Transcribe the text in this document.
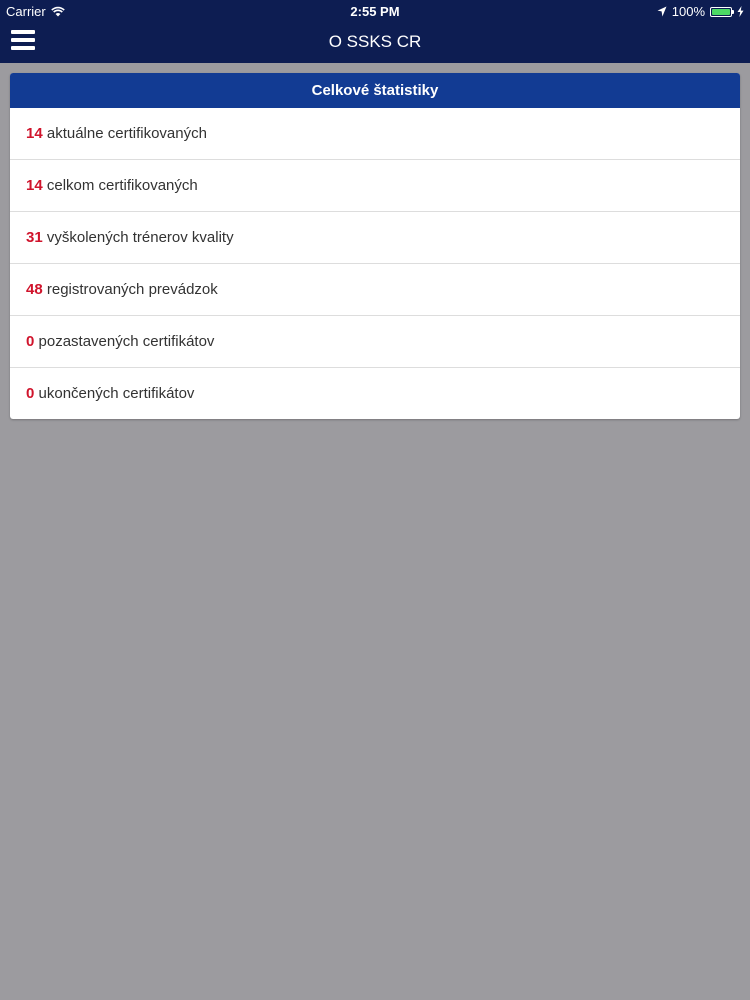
Carrier	2:55 PM	100%
O SSKS CR
Celkové štatistiky
14 aktuálne certifikovaných
14 celkom certifikovaných
31 vyškolených trénerov kvality
48 registrovaných prevádzok
0 pozastavených certifikátov
0 ukončených certifikátov
